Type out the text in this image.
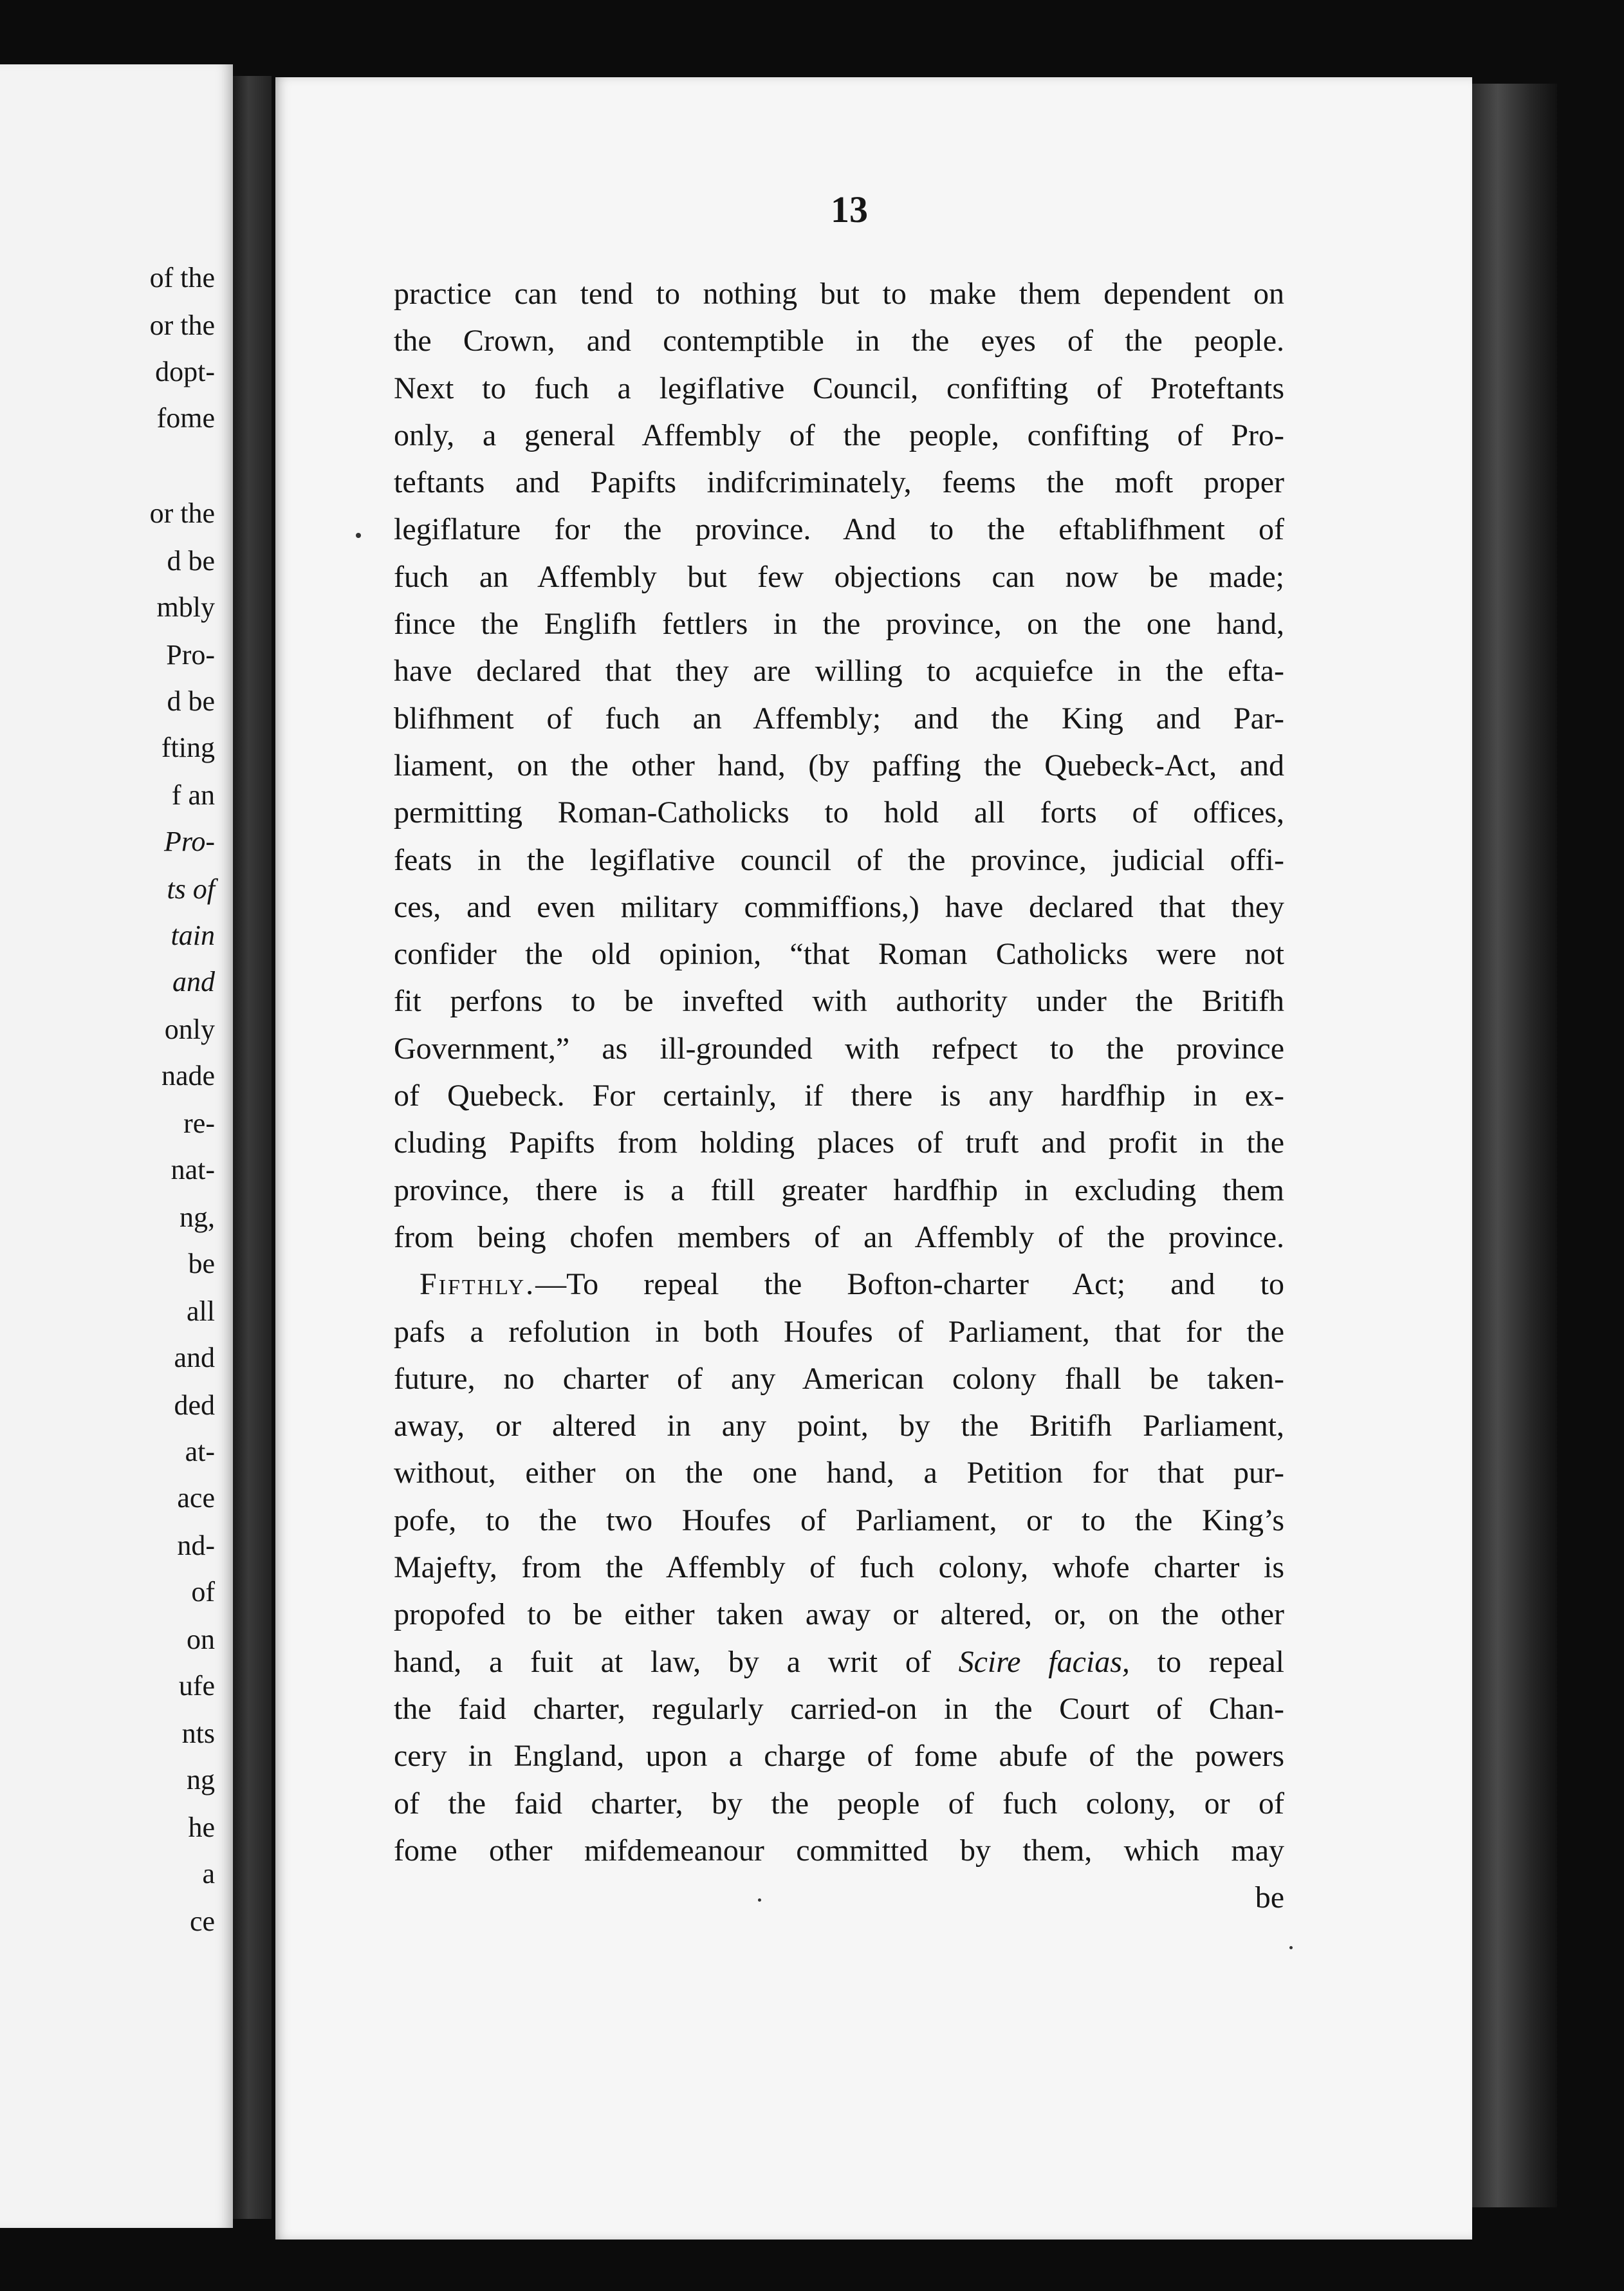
of the
or the
dopt-
fome
or the
d be
mbly
Pro-
d be
fting
f an
Pro-
ts of
tain
and
only
nade
re-
nat-
ng,
be
all
and
ded
at-
ace
nd-
of
on
ufe
nts
ng
he
a
ce
13
practice can tend to nothing but to make them dependent on
the Crown, and contemptible in the eyes of the people.
Next to fuch a legiflative Council, confifting of Proteftants
only, a general Affembly of the people, confifting of Pro-
teftants and Papifts indifcriminately, feems the moft proper
legiflature for the province. And to the eftablifhment of
fuch an Affembly but few objections can now be made;
fince the Englifh fettlers in the province, on the one hand,
have declared that they are willing to acquiefce in the efta-
blifhment of fuch an Affembly; and the King and Par-
liament, on the other hand, (by paffing the Quebeck-Act, and
permitting Roman-Catholicks to hold all forts of offices,
feats in the legiflative council of the province, judicial offi-
ces, and even military commiffions,) have declared that they
confider the old opinion, “that Roman Catholicks were not
fit perfons to be invefted with authority under the Britifh
Government,” as ill-grounded with refpect to the province
of Quebeck. For certainly, if there is any hardfhip in ex-
cluding Papifts from holding places of truft and profit in the
province, there is a ftill greater hardfhip in excluding them
from being chofen members of an Affembly of the province.
Fifthly.—To repeal the Bofton-charter Act; and to
pafs a refolution in both Houfes of Parliament, that for the
future, no charter of any American colony fhall be taken-
away, or altered in any point, by the Britifh Parliament,
without, either on the one hand, a Petition for that pur-
pofe, to the two Houfes of Parliament, or to the King’s
Majefty, from the Affembly of fuch colony, whofe charter is
propofed to be either taken away or altered, or, on the other
hand, a fuit at law, by a writ of Scire facias, to repeal
the faid charter, regularly carried-on in the Court of Chan-
cery in England, upon a charge of fome abufe of the powers
of the faid charter, by the people of fuch colony, or of
fome other mifdemeanour committed by them, which may
be
